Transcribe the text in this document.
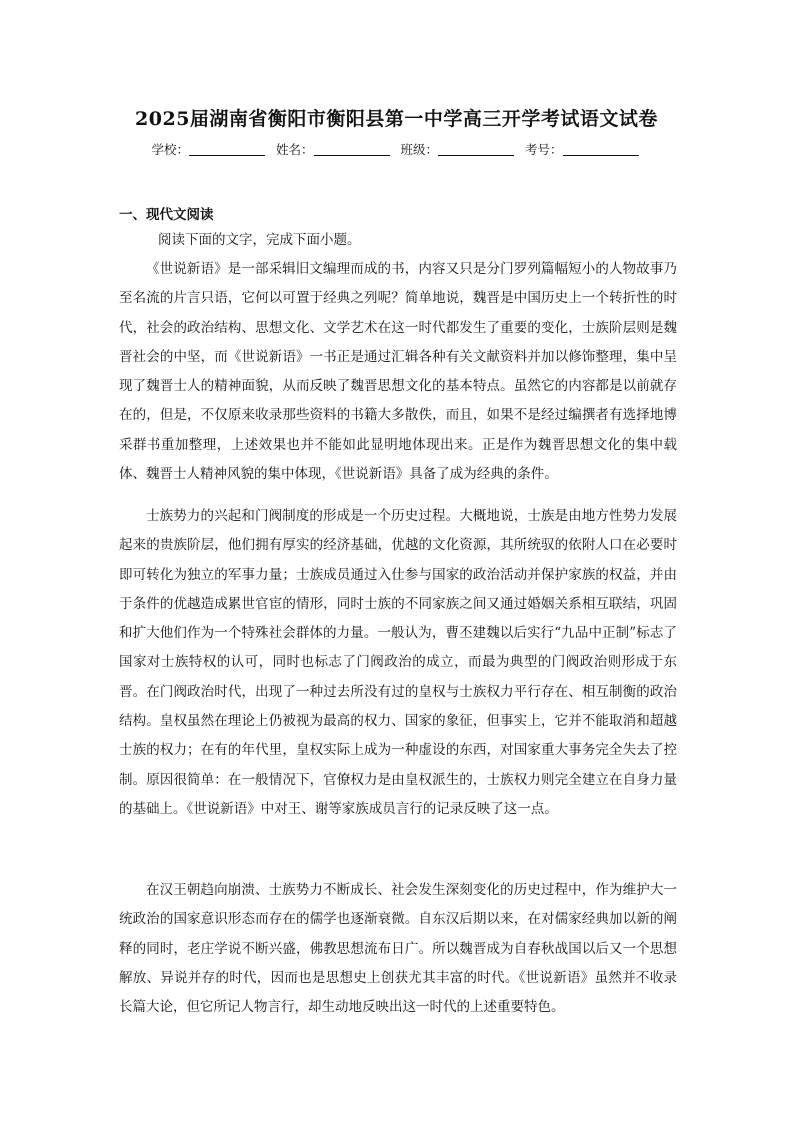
2025届湖南省衡阳市衡阳县第一中学高三开学考试语文试卷
学校：	姓名：	班级：	考号：
一、现代文阅读
阅读下面的文字，完成下面小题。

《世说新语》是一部采辑旧文编理而成的书，内容又只是分门罗列篇幅短小的人物故事乃至名流的片言只语，它何以可置于经典之列呢？简单地说，魏晋是中国历史上一个转折性的时代，社会的政治结构、思想文化、文学艺术在这一时代都发生了重要的变化，士族阶层则是魏晋社会的中坚，而《世说新语》一书正是通过汇辑各种有关文献资料并加以修饰整理，集中呈现了魏晋士人的精神面貌，从而反映了魏晋思想文化的基本特点。虽然它的内容都是以前就存在的，但是，不仅原来收录那些资料的书籍大多散佚，而且，如果不是经过编撰者有选择地博采群书重加整理，上述效果也并不能如此显明地体现出来。正是作为魏晋思想文化的集中载体、魏晋士人精神风貌的集中体现，《世说新语》具备了成为经典的条件。

士族势力的兴起和门阀制度的形成是一个历史过程。大概地说，士族是由地方性势力发展起来的贵族阶层，他们拥有厚实的经济基础，优越的文化资源，其所统驭的依附人口在必要时即可转化为独立的军事力量；士族成员通过入仕参与国家的政治活动并保护家族的权益，并由于条件的优越造成累世官宦的情形，同时士族的不同家族之间又通过婚姻关系相互联结，巩固和扩大他们作为一个特殊社会群体的力量。一般认为，曹丕建魏以后实行“九品中正制”标志了国家对士族特权的认可，同时也标志了门阀政治的成立，而最为典型的门阀政治则形成于东晋。在门阀政治时代，出现了一种过去所没有过的皇权与士族权力平行存在、相互制衡的政治结构。皇权虽然在理论上仍被视为最高的权力、国家的象征，但事实上，它并不能取消和超越士族的权力；在有的年代里，皇权实际上成为一种虚设的东西，对国家重大事务完全失去了控制。原因很简单：在一般情况下，官僚权力是由皇权派生的，士族权力则完全建立在自身力量的基础上。《世说新语》中对王、谢等家族成员言行的记录反映了这一点。

在汉王朝趋向崩溃、士族势力不断成长、社会发生深刻变化的历史过程中，作为维护大一统政治的国家意识形态而存在的儒学也逐渐衰微。自东汉后期以来，在对儒家经典加以新的阐释的同时，老庄学说不断兴盛，佛教思想流布日广。所以魏晋成为自春秋战国以后又一个思想解放、异说并存的时代，因而也是思想史上创获尤其丰富的时代。《世说新语》虽然并不收录长篇大论，但它所记人物言行，却生动地反映出这一时代的上述重要特色。
